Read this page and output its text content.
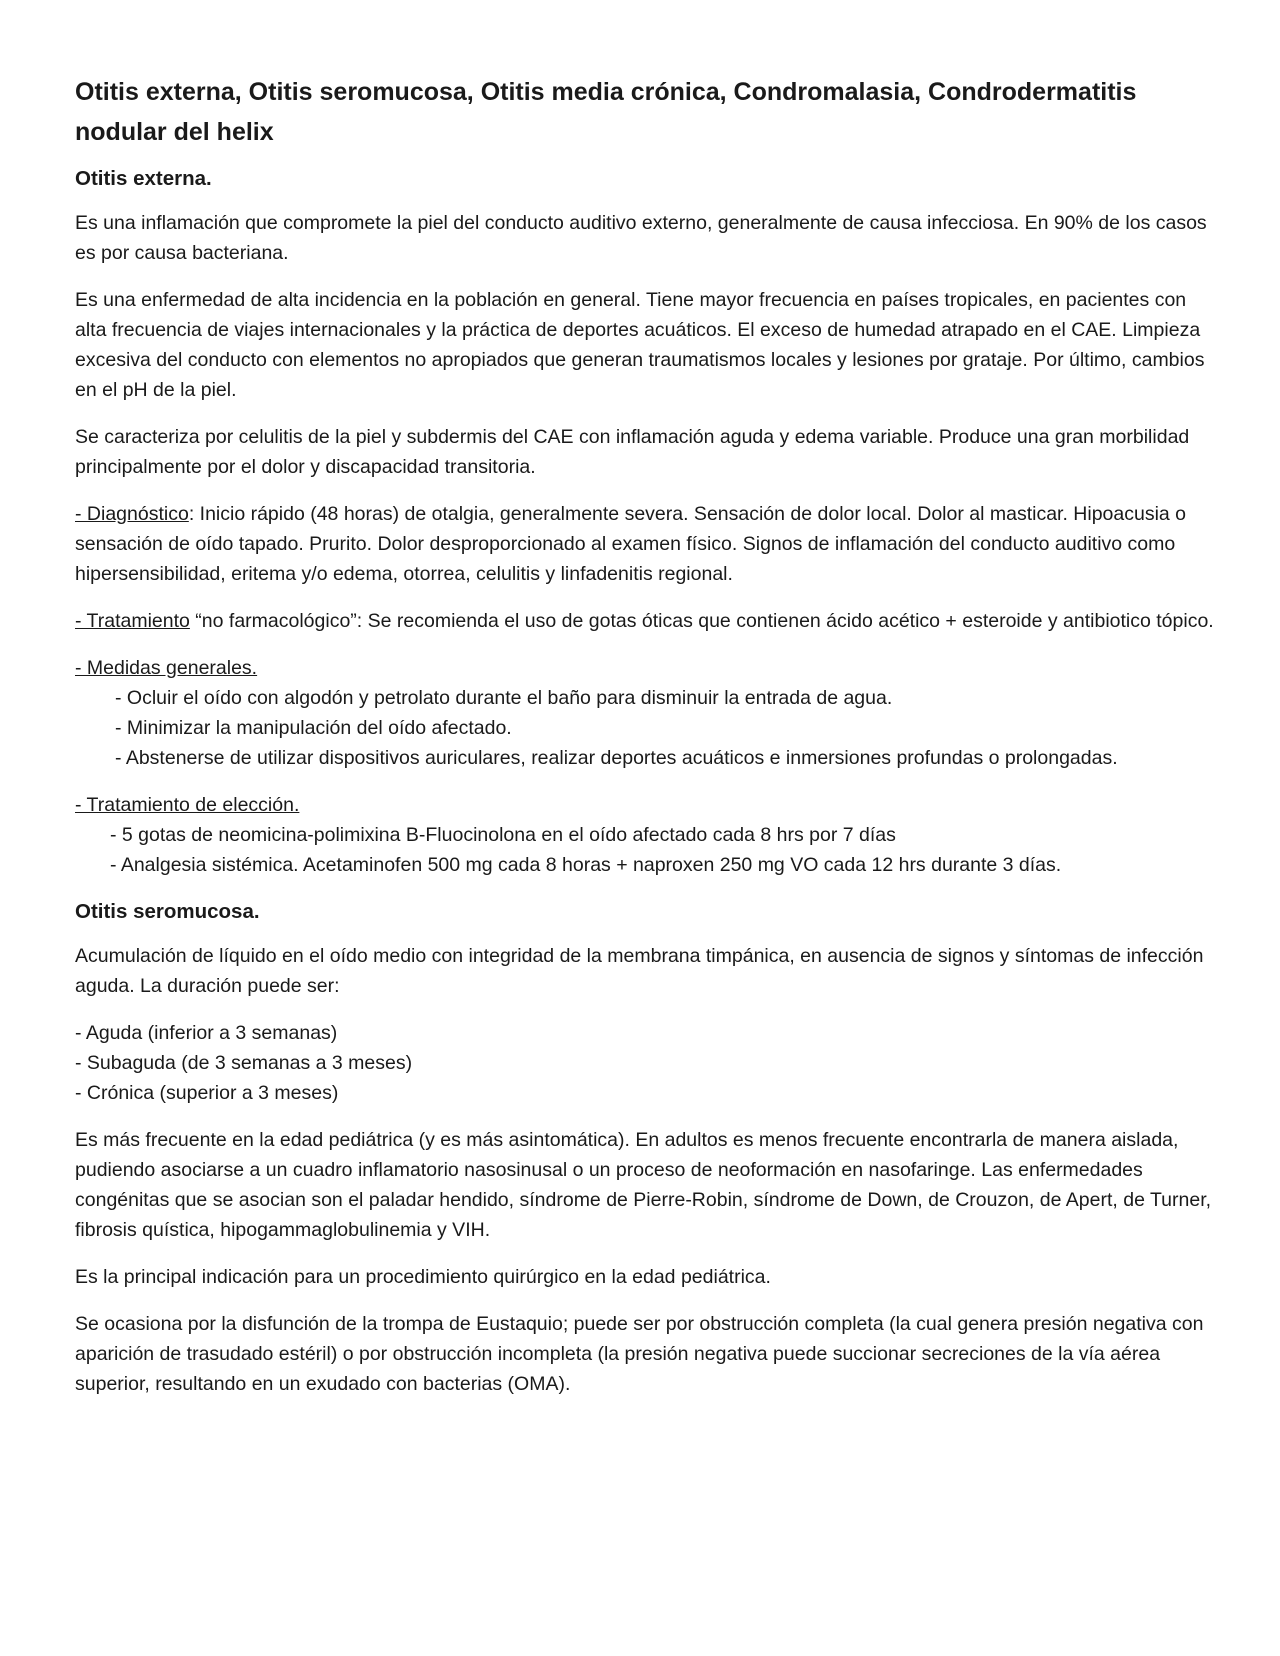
Otitis externa, Otitis seromucosa, Otitis media crónica, Condromalasia, Condrodermatitis nodular del helix
Otitis externa.

Es una inflamación que compromete la piel del conducto auditivo externo, generalmente de causa infecciosa. En 90% de los casos es por causa bacteriana.

Es una enfermedad de alta incidencia en la población en general. Tiene mayor frecuencia en países tropicales, en pacientes con alta frecuencia de viajes internacionales y la práctica de deportes acuáticos. El exceso de humedad atrapado en el CAE. Limpieza excesiva del conducto con elementos no apropiados que generan traumatismos locales y lesiones por grataje. Por último, cambios en el pH de la piel.

Se caracteriza por celulitis de la piel y subdermis del CAE con inflamación aguda y edema variable. Produce una gran morbilidad principalmente por el dolor y discapacidad transitoria.

- Diagnóstico: Inicio rápido (48 horas) de otalgia, generalmente severa. Sensación de dolor local. Dolor al masticar. Hipoacusia o sensación de oído tapado. Prurito. Dolor desproporcionado al examen físico. Signos de inflamación del conducto auditivo como hipersensibilidad, eritema y/o edema, otorrea, celulitis y linfadenitis regional.

- Tratamiento “no farmacológico”: Se recomienda el uso de gotas óticas que contienen ácido acético + esteroide y antibiotico tópico.

- Medidas generales.
- Ocluir el oído con algodón y petrolato durante el baño para disminuir la entrada de agua.
- Minimizar la manipulación del oído afectado.
- Abstenerse de utilizar dispositivos auriculares, realizar deportes acuáticos e inmersiones profundas o prolongadas.
- Tratamiento de elección.
- 5 gotas de neomicina-polimixina B-Fluocinolona en el oído afectado cada 8 hrs por 7 días
- Analgesia sistémica. Acetaminofen 500 mg cada 8 horas + naproxen 250 mg VO cada 12 hrs durante 3 días.
Otitis seromucosa.

Acumulación de líquido en el oído medio con integridad de la membrana timpánica, en ausencia de signos y síntomas de infección aguda. La duración puede ser:

- Aguda (inferior a 3 semanas)
- Subaguda (de 3 semanas a 3 meses)
- Crónica (superior a 3 meses)

Es más frecuente en la edad pediátrica (y es más asintomática). En adultos es menos frecuente encontrarla de manera aislada, pudiendo asociarse a un cuadro inflamatorio nasosinusal o un proceso de neoformación en nasofaringe. Las enfermedades congénitas que se asocian son el paladar hendido, síndrome de Pierre-Robin, síndrome de Down, de Crouzon, de Apert, de Turner, fibrosis quística, hipogammaglobulinemia y VIH.

Es la principal indicación para un procedimiento quirúrgico en la edad pediátrica.

Se ocasiona por la disfunción de la trompa de Eustaquio; puede ser por obstrucción completa (la cual genera presión negativa con aparición de trasudado estéril) o por obstrucción incompleta (la presión negativa puede succionar secreciones de la vía aérea superior, resultando en un exudado con bacterias (OMA).
